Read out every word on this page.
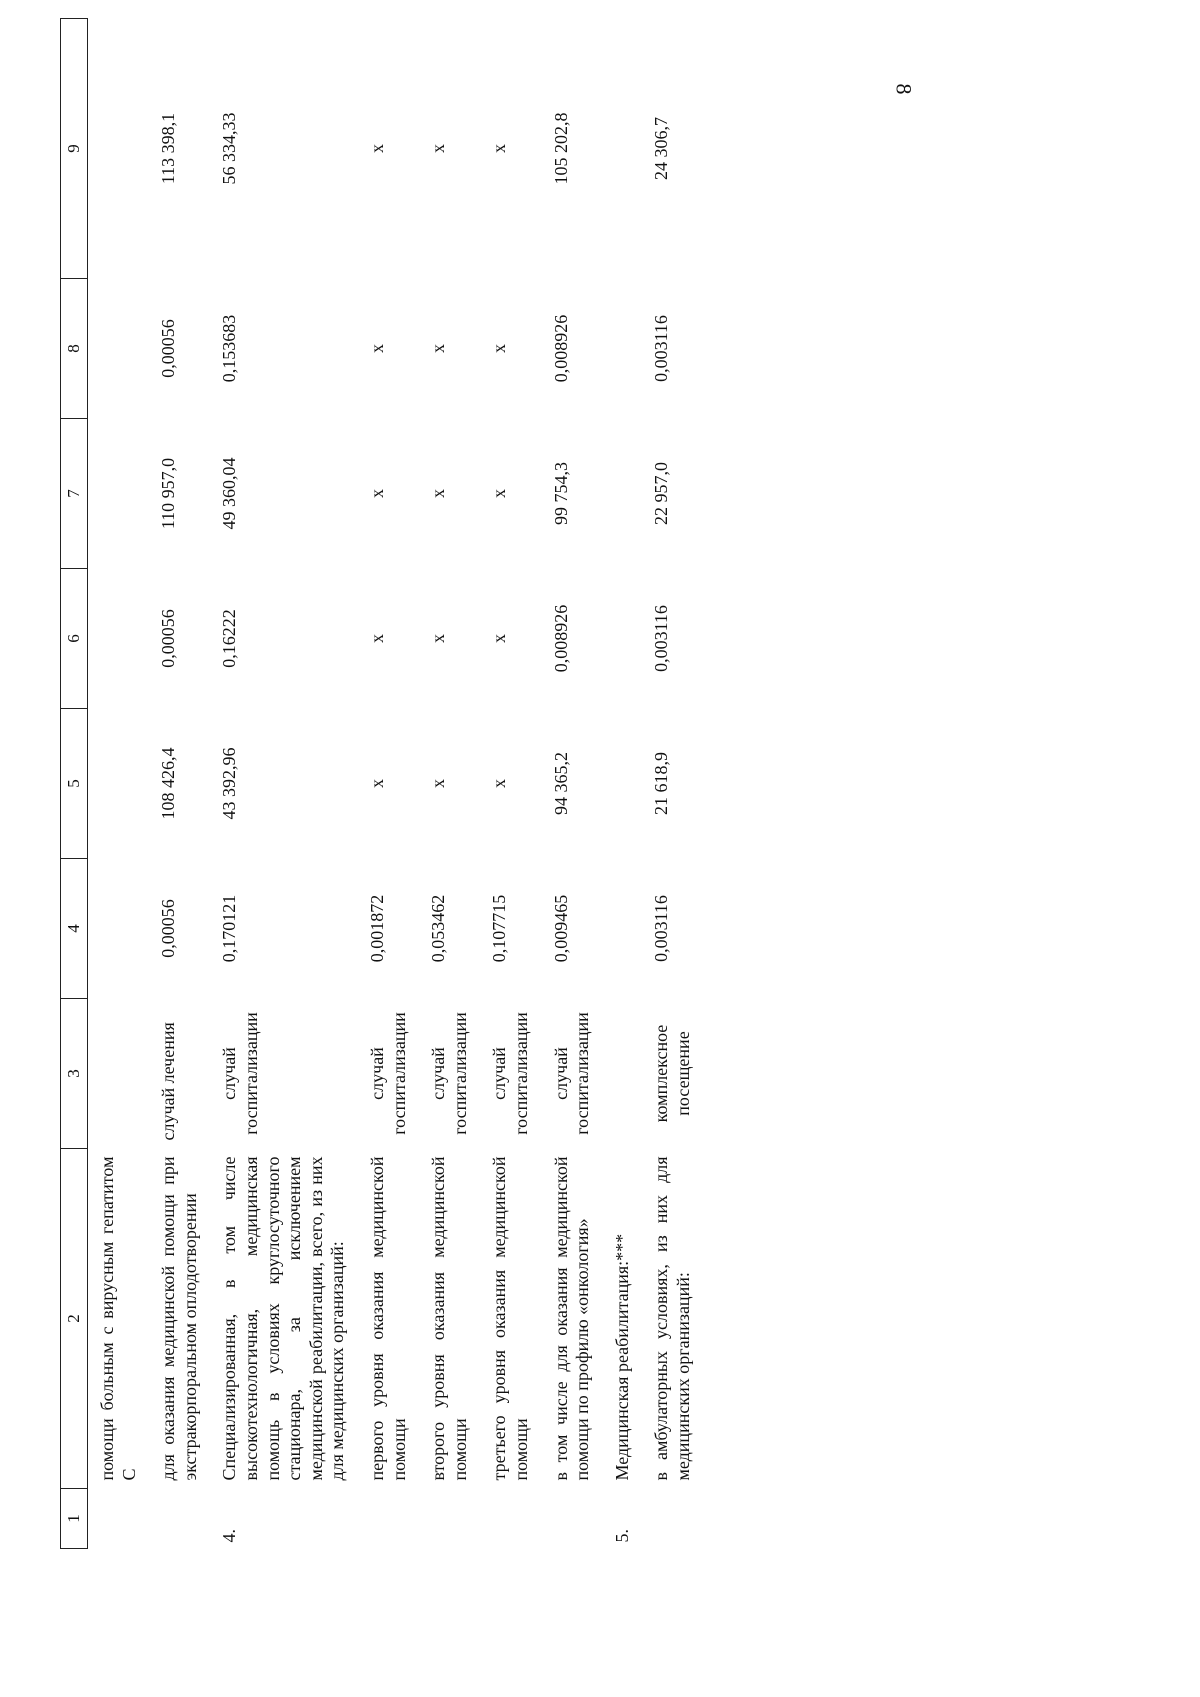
8
1	2	3	4	5	6	7	8	9
	помощи больным с вирусным гепатитом С							
	для оказания медицинской помощи при экстракорпоральном оплодотворении	случай лечения	0,00056	108 426,4	0,00056	110 957,0	0,00056	113 398,1
4.	Специализированная, в том числе высокотехнологичная, медицинская помощь в условиях круглосуточного стационара, за исключением медицинской реабилитации, всего, из них для медицинских организаций:	случай госпитализации	0,170121	43 392,96	0,16222	49 360,04	0,153683	56 334,33
	первого уровня оказания медицинской помощи	случай госпитализации	0,001872	х	х	х	х	х
	второго уровня оказания медицинской помощи	случай госпитализации	0,053462	х	х	х	х	х
	третьего уровня оказания медицинской помощи	случай госпитализации	0,107715	х	х	х	х	х
	в том числе для оказания медицинской помощи по профилю «онкология»	случай госпитализации	0,009465	94 365,2	0,008926	99 754,3	0,008926	105 202,8
5.	Медицинская реабилитация:***							
	в амбулаторных условиях, из них для медицинских организаций:	комплексное посещение	0,003116	21 618,9	0,003116	22 957,0	0,003116	24 306,7
